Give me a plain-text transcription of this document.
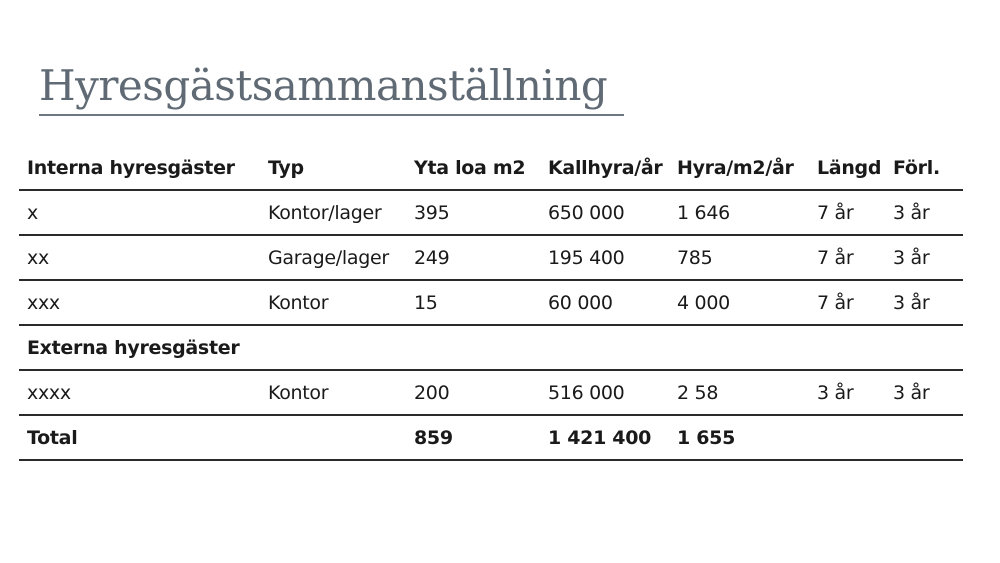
Hyresgästsammanställning
Interna hyresgäster	Typ	Yta loa m2	Kallhyra/år	Hyra/m2/år	Längd	Förl.
x	Kontor/lager	395	650 000	1 646	7 år	3 år
xx	Garage/lager	249	195 400	785	7 år	3 år
xxx	Kontor	15	60 000	4 000	7 år	3 år
Externa hyresgäster						
xxxx	Kontor	200	516 000	2 58	3 år	3 år
Total		859	1 421 400	1 655		
